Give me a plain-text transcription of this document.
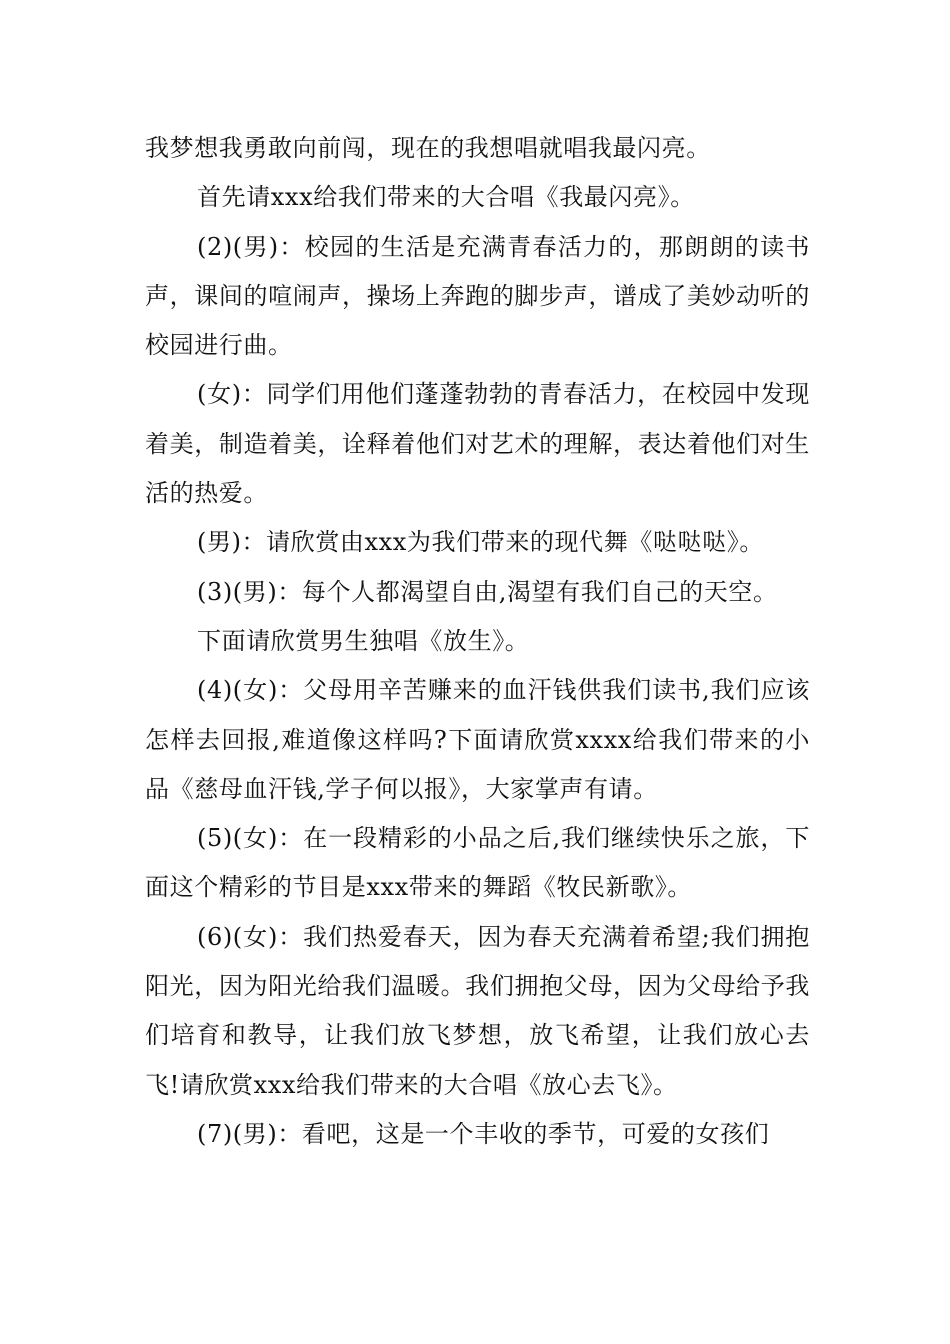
我梦想我勇敢向前闯，现在的我想唱就唱我最闪亮。

首先请xxx给我们带来的大合唱《我最闪亮》。

(2)(男)：校园的生活是充满青春活力的，那朗朗的读书声，课间的喧闹声，操场上奔跑的脚步声，谱成了美妙动听的校园进行曲。

(女)：同学们用他们蓬蓬勃勃的青春活力，在校园中发现着美，制造着美，诠释着他们对艺术的理解，表达着他们对生活的热爱。

(男)：请欣赏由xxx为我们带来的现代舞《哒哒哒》。

(3)(男)：每个人都渴望自由,渴望有我们自己的天空。

下面请欣赏男生独唱《放生》。

(4)(女)：父母用辛苦赚来的血汗钱供我们读书,我们应该怎样去回报,难道像这样吗?下面请欣赏xxxx给我们带来的小品《慈母血汗钱,学子何以报》，大家掌声有请。

(5)(女)：在一段精彩的小品之后,我们继续快乐之旅，下面这个精彩的节目是xxx带来的舞蹈《牧民新歌》。

(6)(女)：我们热爱春天，因为春天充满着希望;我们拥抱阳光，因为阳光给我们温暖。我们拥抱父母，因为父母给予我们培育和教导，让我们放飞梦想，放飞希望，让我们放心去飞!请欣赏xxx给我们带来的大合唱《放心去飞》。

(7)(男)：看吧，这是一个丰收的季节，可爱的女孩们
